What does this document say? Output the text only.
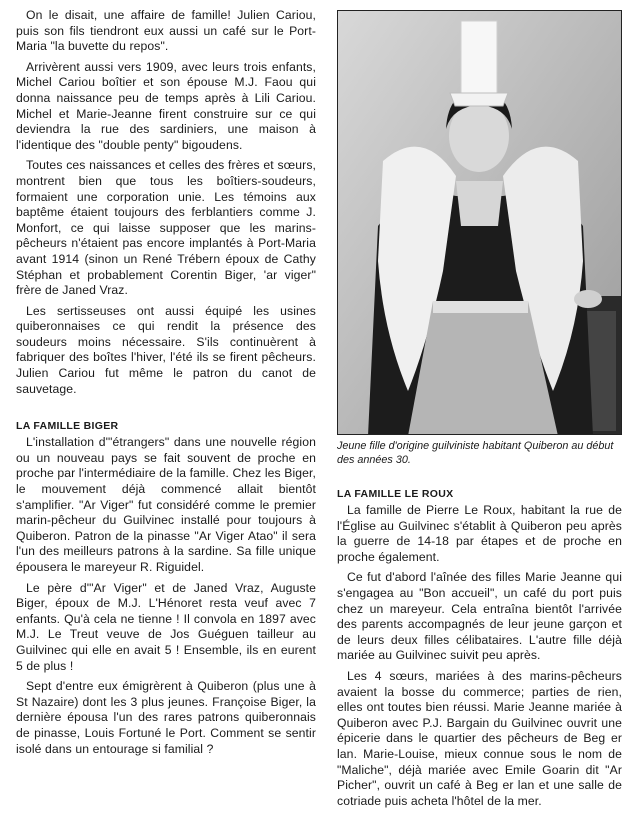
On le disait, une affaire de famille! Julien Cariou, puis son fils tiendront eux aussi un café sur le Port-Maria "la buvette du repos".

Arrivèrent aussi vers 1909, avec leurs trois enfants, Michel Cariou boîtier et son épouse M.J. Faou qui donna naissance peu de temps après à Lili Cariou. Michel et Marie-Jeanne firent construire sur ce qui deviendra la rue des sardiniers, une maison à l'identique des "double penty" bigoudens.

Toutes ces naissances et celles des frères et sœurs, montrent bien que tous les boîtiers-soudeurs, formaient une corporation unie. Les témoins aux baptême étaient toujours des ferblantiers comme J. Monfort, ce qui laisse supposer que les marins-pêcheurs n'étaient pas encore implantés à Port-Maria avant 1914 (sinon un René Trébern époux de Cathy Stéphan et probablement Corentin Biger, 'ar viger" frère de Janed Vraz.

Les sertisseuses ont aussi équipé les usines quiberonnaises ce qui rendit la présence des soudeurs moins nécessaire. S'ils continuèrent à fabriquer des boîtes l'hiver, l'été ils se firent pêcheurs. Julien Cariou fut même le patron du canot de sauvetage.

LA FAMILLE BIGER

L'installation d'"étrangers" dans une nouvelle région ou un nouveau pays se fait souvent de proche en proche par l'intermédiaire de la famille. Chez les Biger, le mouvement déjà commencé allait bientôt s'amplifier. "Ar Viger" fut considéré comme le premier marin-pêcheur du Guilvinec installé pour toujours à Quiberon. Patron de la pinasse "Ar Viger Atao" il sera l'un des meilleurs patrons à la sardine. Sa fille unique épousera le mareyeur R. Riguidel.

Le père d'"Ar Viger" et de Janed Vraz, Auguste Biger, époux de M.J. L'Hénoret resta veuf avec 7 enfants. Qu'à cela ne tienne ! Il convola en 1897 avec M.J. Le Treut veuve de Jos Guéguen tailleur au Guilvinec qui elle en avait 5 ! Ensemble, ils en eurent 5 de plus !

Sept d'entre eux émigrèrent à Quiberon (plus une à St Nazaire) dont les 3 plus jeunes. Françoise Biger, la dernière épousa l'un des rares patrons quiberonnais de pinasse, Louis Fortuné le Port. Comment se sentir isolé dans un entourage si familial ?

Jeune fille d'origine guilviniste habitant Quiberon au début des années 30.
LA FAMILLE LE ROUX

La famille de Pierre Le Roux, habitant la rue de l'Église au Guilvinec s'établit à Quiberon peu après la guerre de 14-18 par étapes et de proche en proche également.

Ce fut d'abord l'aînée des filles Marie Jeanne qui s'engagea au "Bon accueil", un café du port puis chez un mareyeur. Cela entraîna bientôt l'arrivée des parents accompagnés de leur jeune garçon et de leurs deux filles célibataires. L'autre fille déjà mariée au Guilvinec suivit peu après.

Les 4 sœurs, mariées à des marins-pêcheurs avaient la bosse du commerce; parties de rien, elles ont toutes bien réussi. Marie Jeanne mariée à Quiberon avec P.J. Bargain du Guilvinec ouvrit une épicerie dans le quartier des pêcheurs de Beg er lan. Marie-Louise, mieux connue sous le nom de "Maliche", déjà mariée avec Emile Goarin dit "Ar Picher", ouvrit un café à Beg er lan et une salle de cotriade puis acheta l'hôtel de la mer.
